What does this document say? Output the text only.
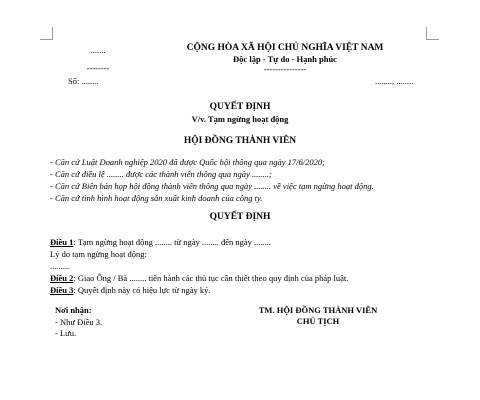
.......
--------
Số: ........
CỘNG HÒA XÃ HỘI CHỦ NGHĨA VIỆT NAM
Độc lập - Tự do - Hạnh phúc
---------------
........, ........
QUYẾT ĐỊNH
V/v. Tạm ngừng hoạt động
HỘI ĐỒNG THÀNH VIÊN
- Căn cứ Luật Doanh nghiệp 2020 đã được Quốc hội thông qua ngày 17/6/2020;
- Căn cứ điều lệ ........ được các thành viên thông qua ngày ........;
- Căn cứ Biên bản họp hội đồng thành viên thông qua ngày ........ về việc tạm ngừng hoạt động.
- Căn cứ tình hình hoạt động sản xuất kinh doanh của công ty.
QUYẾT ĐỊNH
Điều 1: Tạm ngừng hoạt động ........ từ ngày ........ đến ngày ........
Lý do tạm ngừng hoạt động:
.........
Điều 2: Giao Ông / Bà ........ tiến hành các thủ tục cần thiết theo quy định của pháp luật.
Điều 3: Quyết định này có hiệu lực từ ngày ký.
Nơi nhận:
- Như Điều 3.
- Lưu.
TM. HỘI ĐỒNG THÀNH VIÊN
CHỦ TỊCH
